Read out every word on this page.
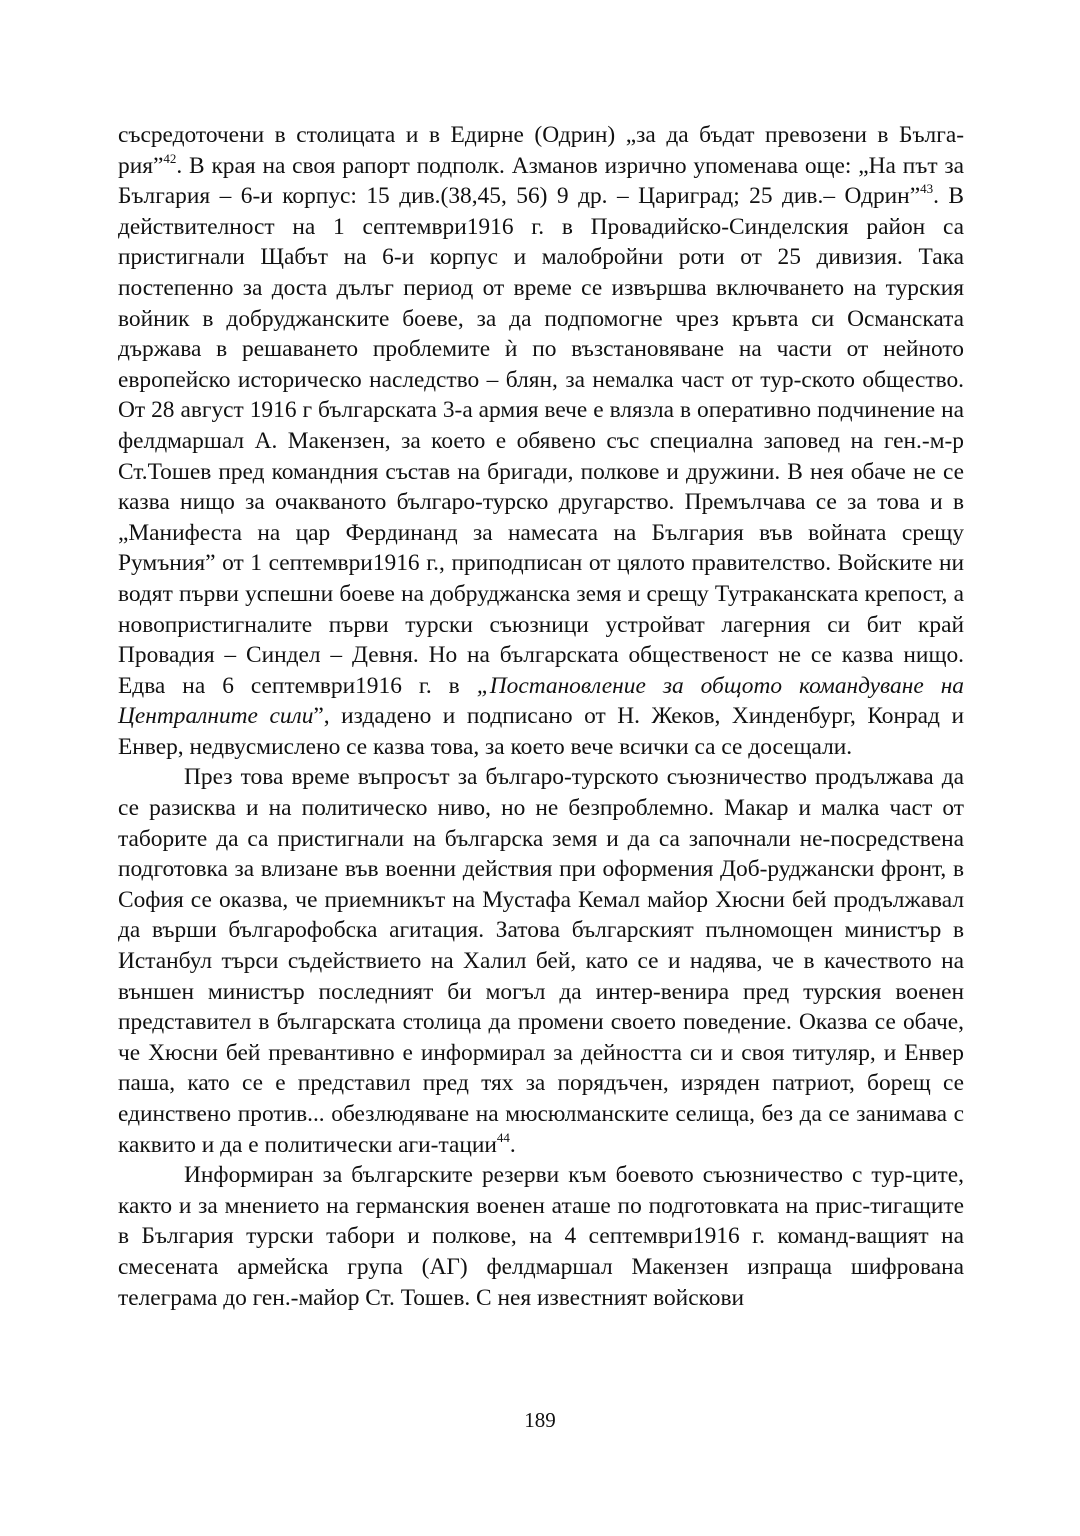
съсредоточени в столицата и в Едирне (Одрин) „за да бъдат превозени в Бълга-рия”$^{42}$. В края на своя рапорт подполк. Азманов изрично упоменава още: „На път за България – 6-и корпус: 15 див.(38,45, 56) 9 др. – Цариград; 25 див.– Одрин”$^{43}$. В действителност на 1 септември1916 г. в Провадийско-Синделския район са пристигнали Щабът на 6-и корпус и малобройни роти от 25 дивизия. Така постепенно за доста дълъг период от време се извършва включването на турския войник в добруджанските боеве, за да подпомогне чрез кръвта си Османската държава в решаването проблемите ѝ по възстановяване на части от нейното европейско историческо наследство – блян, за немалка част от тур-ското общество. От 28 август 1916 г българската 3-а армия вече е влязла в оперативно подчинение на фелдмаршал А. Макензен, за което е обявено със специална заповед на ген.-м-р Ст.Тошев пред командния състав на бригади, полкове и дружини. В нея обаче не се казва нищо за очакваното българо-турско другарство. Премълчава се за това и в „Манифеста на цар Фердинанд за намесата на България във войната срещу Румъния” от 1 септември1916 г., приподписан от цялото правителство. Войските ни водят първи успешни боеве на добруджанска земя и срещу Тутраканската крепост, а новопристигналите първи турски съюзници устройват лагерния си бит край Провадия – Синдел – Девня. Но на българската общественост не се казва нищо. Едва на 6 септември1916 г. в „Постановление за общото командуване на Централните сили”, издадено и подписано от Н. Жеков, Хинденбург, Конрад и Енвер, недвусмислено се казва това, за което вече всички са се досещали.

През това време въпросът за българо-турското съюзничество продължава да се разисква и на политическо ниво, но не безпроблемно. Макар и малка част от таборите да са пристигнали на българска земя и да са започнали не-посредствена подготовка за влизане във военни действия при оформения Доб-руджански фронт, в София се оказва, че приемникът на Мустафа Кемал майор Хюсни бей продължавал да върши българофобска агитация. Затова българският пълномощен министър в Истанбул търси съдействието на Халил бей, като се и надява, че в качеството на външен министър последният би могъл да интер-венира пред турския военен представител в българската столица да промени своето поведение. Оказва се обаче, че Хюсни бей превантивно е информирал за дейността си и своя титуляр, и Енвер паша, като се е представил пред тях за порядъчен, изряден патриот, борещ се единствено против... обезлюдяване на мюсюлманските селища, без да се занимава с каквито и да е политически аги-тации$^{44}$.

Информиран за българските резерви към боевото съюзничество с тур-ците, както и за мнението на германския военен аташе по подготовката на прис-тигащите в България турски табори и полкове, на 4 септември1916 г. команд-ващият на смесената армейска група (АГ) фелдмаршал Макензен изпраща шифрована телеграма до ген.-майор Ст. Тошев. С нея известният войскови

189
